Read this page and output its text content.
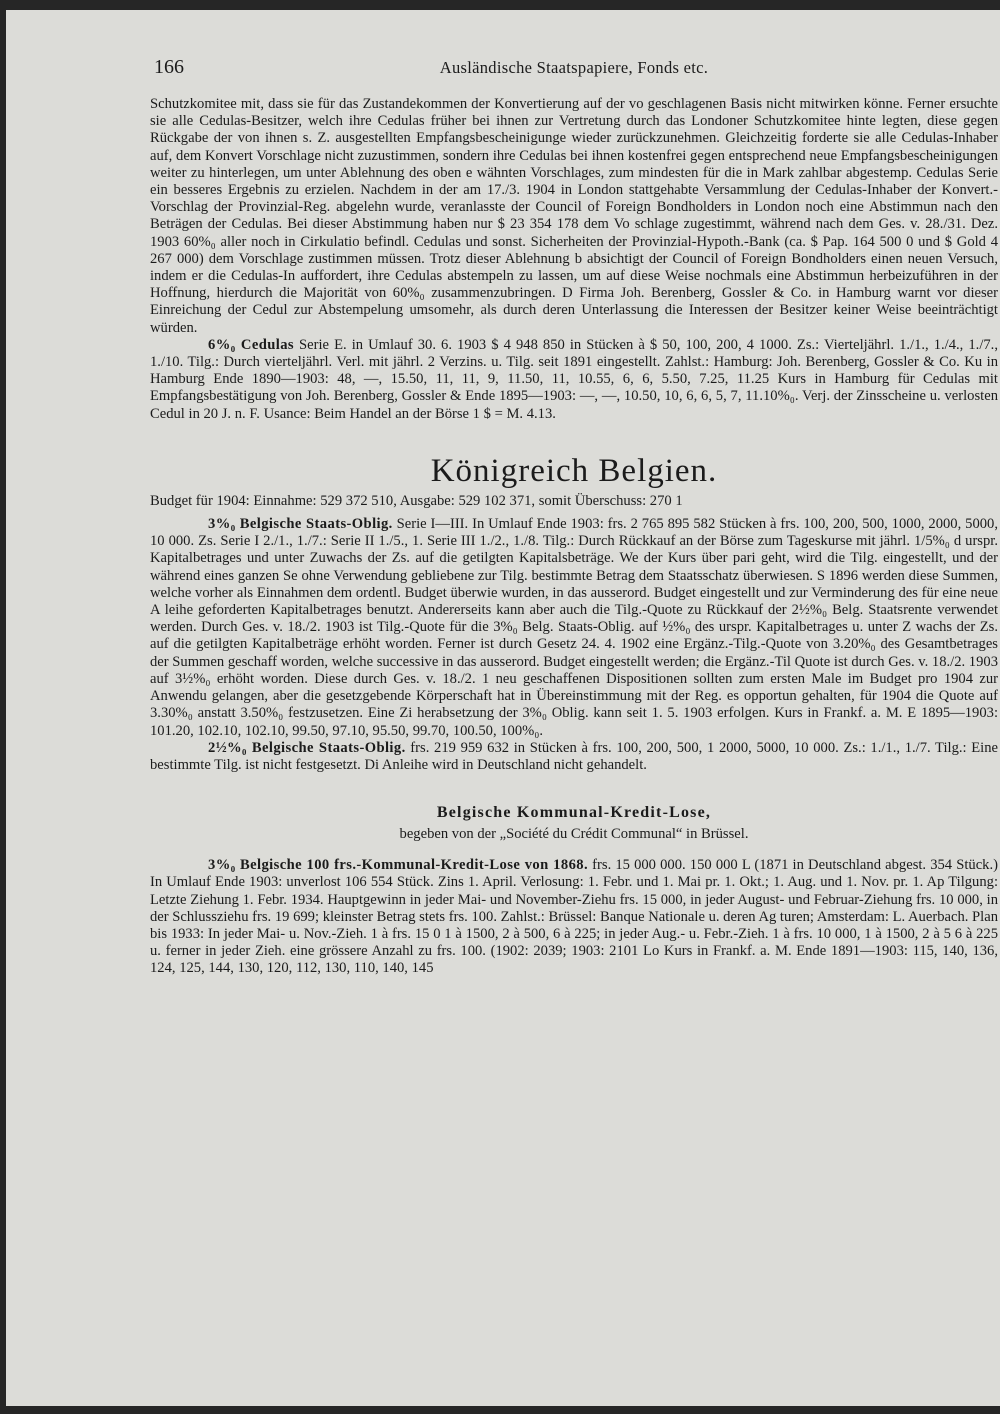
166	Ausländische Staatspapiere, Fonds etc.

Schutzkomitee mit, dass sie für das Zustandekommen der Konvertierung auf der vo geschlagenen Basis nicht mitwirken könne. Ferner ersuchte sie alle Cedulas-Besitzer, welch ihre Cedulas früher bei ihnen zur Vertretung durch das Londoner Schutzkomitee hinte legten, diese gegen Rückgabe der von ihnen s. Z. ausgestellten Empfangsbescheinigunge wieder zurückzunehmen. Gleichzeitig forderte sie alle Cedulas-Inhaber auf, dem Konvert Vorschlage nicht zuzustimmen, sondern ihre Cedulas bei ihnen kostenfrei gegen entsprechend neue Empfangsbescheinigungen weiter zu hinterlegen, um unter Ablehnung des oben e wähnten Vorschlages, zum mindesten für die in Mark zahlbar abgestemp. Cedulas Serie ein besseres Ergebnis zu erzielen. Nachdem in der am 17./3. 1904 in London stattgehabte Versammlung der Cedulas-Inhaber der Konvert.-Vorschlag der Provinzial-Reg. abgelehn wurde, veranlasste der Council of Foreign Bondholders in London noch eine Abstimmun nach den Beträgen der Cedulas. Bei dieser Abstimmung haben nur $ 23 354 178 dem Vo schlage zugestimmt, während nach dem Ges. v. 28./31. Dez. 1903 60%₀ aller noch in Cirkulatio befindl. Cedulas und sonst. Sicherheiten der Provinzial-Hypoth.-Bank (ca. $ Pap. 164 500 0 und $ Gold 4 267 000) dem Vorschlage zustimmen müssen. Trotz dieser Ablehnung b absichtigt der Council of Foreign Bondholders einen neuen Versuch, indem er die Cedulas-In auffordert, ihre Cedulas abstempeln zu lassen, um auf diese Weise nochmals eine Abstimmun herbeizuführen in der Hoffnung, hierdurch die Majorität von 60%₀ zusammenzubringen. D Firma Joh. Berenberg, Gossler & Co. in Hamburg warnt vor dieser Einreichung der Cedul zur Abstempelung umsomehr, als durch deren Unterlassung die Interessen der Besitzer keiner Weise beeinträchtigt würden.

6%₀ Cedulas Serie E. in Umlauf 30. 6. 1903 $ 4 948 850 in Stücken à $ 50, 100, 200, 4 1000. Zs.: Vierteljährl. 1./1., 1./4., 1./7., 1./10. Tilg.: Durch vierteljährl. Verl. mit jährl. 2 Verzins. u. Tilg. seit 1891 eingestellt. Zahlst.: Hamburg: Joh. Berenberg, Gossler & Co. Ku in Hamburg Ende 1890—1903: 48, —, 15.50, 11, 11, 9, 11.50, 11, 10.55, 6, 6, 5.50, 7.25, 11.25 Kurs in Hamburg für Cedulas mit Empfangsbestätigung von Joh. Berenberg, Gossler & Ende 1895—1903: —, —, 10.50, 10, 6, 6, 5, 7, 11.10%₀. Verj. der Zinsscheine u. verlosten Cedul in 20 J. n. F. Usance: Beim Handel an der Börse 1 $ = M. 4.13.

Königreich Belgien.

Budget für 1904: Einnahme: 529 372 510, Ausgabe: 529 102 371, somit Überschuss: 270 1

3%₀ Belgische Staats-Oblig. Serie I—III. In Umlauf Ende 1903: frs. 2 765 895 582 Stücken à frs. 100, 200, 500, 1000, 2000, 5000, 10 000. Zs. Serie I 2./1., 1./7.: Serie II 1./5., 1. Serie III 1./2., 1./8. Tilg.: Durch Rückkauf an der Börse zum Tageskurse mit jährl. 1/5%₀ d urspr. Kapitalbetrages und unter Zuwachs der Zs. auf die getilgten Kapitalsbeträge. We der Kurs über pari geht, wird die Tilg. eingestellt, und der während eines ganzen Se ohne Verwendung gebliebene zur Tilg. bestimmte Betrag dem Staatsschatz überwiesen. S 1896 werden diese Summen, welche vorher als Einnahmen dem ordentl. Budget überwie wurden, in das ausserord. Budget eingestellt und zur Verminderung des für eine neue A leihe geforderten Kapitalbetrages benutzt. Andererseits kann aber auch die Tilg.-Quote zu Rückkauf der 2½%₀ Belg. Staatsrente verwendet werden. Durch Ges. v. 18./2. 1903 ist Tilg.-Quote für die 3%₀ Belg. Staats-Oblig. auf ½%₀ des urspr. Kapitalbetrages u. unter Z wachs der Zs. auf die getilgten Kapitalbeträge erhöht worden. Ferner ist durch Gesetz 24. 4. 1902 eine Ergänz.-Tilg.-Quote von 3.20%₀ des Gesamtbetrages der Summen geschaff worden, welche successive in das ausserord. Budget eingestellt werden; die Ergänz.-Til Quote ist durch Ges. v. 18./2. 1903 auf 3½%₀ erhöht worden. Diese durch Ges. v. 18./2. 1 neu geschaffenen Dispositionen sollten zum ersten Male im Budget pro 1904 zur Anwendu gelangen, aber die gesetzgebende Körperschaft hat in Übereinstimmung mit der Reg. es opportun gehalten, für 1904 die Quote auf 3.30%₀ anstatt 3.50%₀ festzusetzen. Eine Zi herabsetzung der 3%₀ Oblig. kann seit 1. 5. 1903 erfolgen. Kurs in Frankf. a. M. E 1895—1903: 101.20, 102.10, 102.10, 99.50, 97.10, 95.50, 99.70, 100.50, 100%₀.

2½%₀ Belgische Staats-Oblig. frs. 219 959 632 in Stücken à frs. 100, 200, 500, 1 2000, 5000, 10 000. Zs.: 1./1., 1./7. Tilg.: Eine bestimmte Tilg. ist nicht festgesetzt. Di Anleihe wird in Deutschland nicht gehandelt.

Belgische Kommunal-Kredit-Lose,
begeben von der „Société du Crédit Communal“ in Brüssel.

3%₀ Belgische 100 frs.-Kommunal-Kredit-Lose von 1868. frs. 15 000 000. 150 000 L (1871 in Deutschland abgest. 354 Stück.) In Umlauf Ende 1903: unverlost 106 554 Stück. Zins 1. April. Verlosung: 1. Febr. und 1. Mai pr. 1. Okt.; 1. Aug. und 1. Nov. pr. 1. Ap Tilgung: Letzte Ziehung 1. Febr. 1934. Hauptgewinn in jeder Mai- und November-Ziehu frs. 15 000, in jeder August- und Februar-Ziehung frs. 10 000, in der Schlussziehu frs. 19 699; kleinster Betrag stets frs. 100. Zahlst.: Brüssel: Banque Nationale u. deren Ag turen; Amsterdam: L. Auerbach. Plan bis 1933: In jeder Mai- u. Nov.-Zieh. 1 à frs. 15 0 1 à 1500, 2 à 500, 6 à 225; in jeder Aug.- u. Febr.-Zieh. 1 à frs. 10 000, 1 à 1500, 2 à 5 6 à 225 u. ferner in jeder Zieh. eine grössere Anzahl zu frs. 100. (1902: 2039; 1903: 2101 Lo Kurs in Frankf. a. M. Ende 1891—1903: 115, 140, 136, 124, 125, 144, 130, 120, 112, 130, 110, 140, 145
